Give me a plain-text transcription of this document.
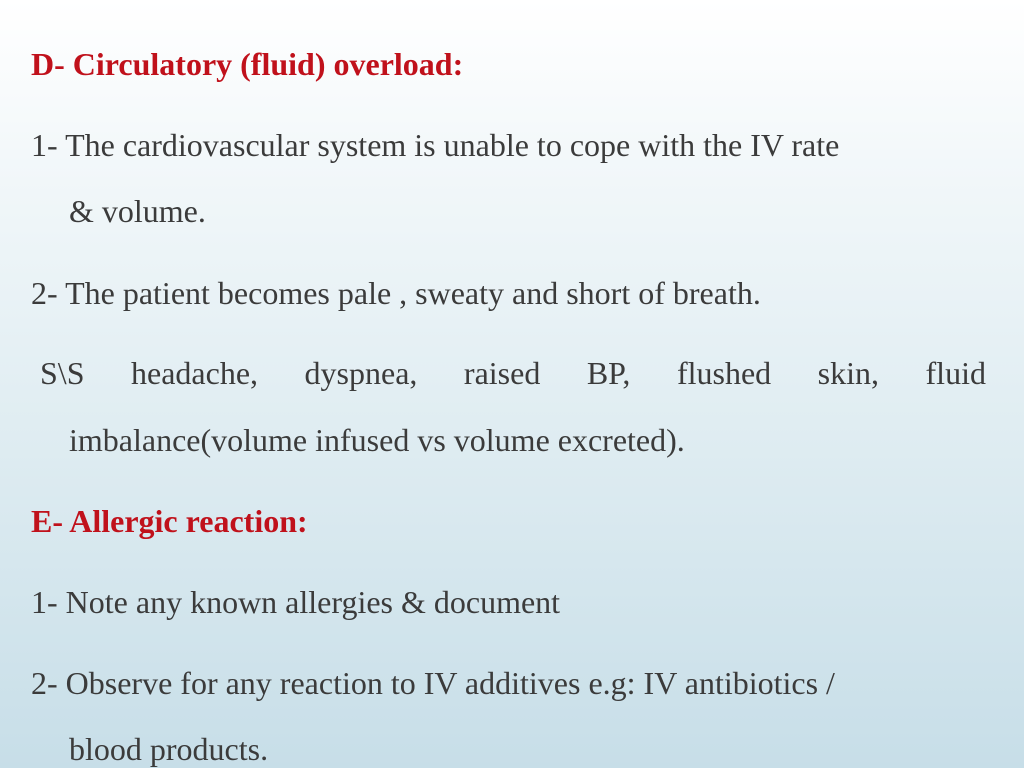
D- Circulatory (fluid) overload:
1- The cardiovascular system is unable to cope with the IV rate
& volume.
2- The patient becomes pale , sweaty and short of breath.
S\S headache, dyspnea, raised BP, flushed skin, fluid
imbalance(volume infused vs volume excreted).
E- Allergic reaction:
1- Note any known allergies & document
2- Observe for any reaction to IV additives e.g: IV antibiotics /
blood products.
